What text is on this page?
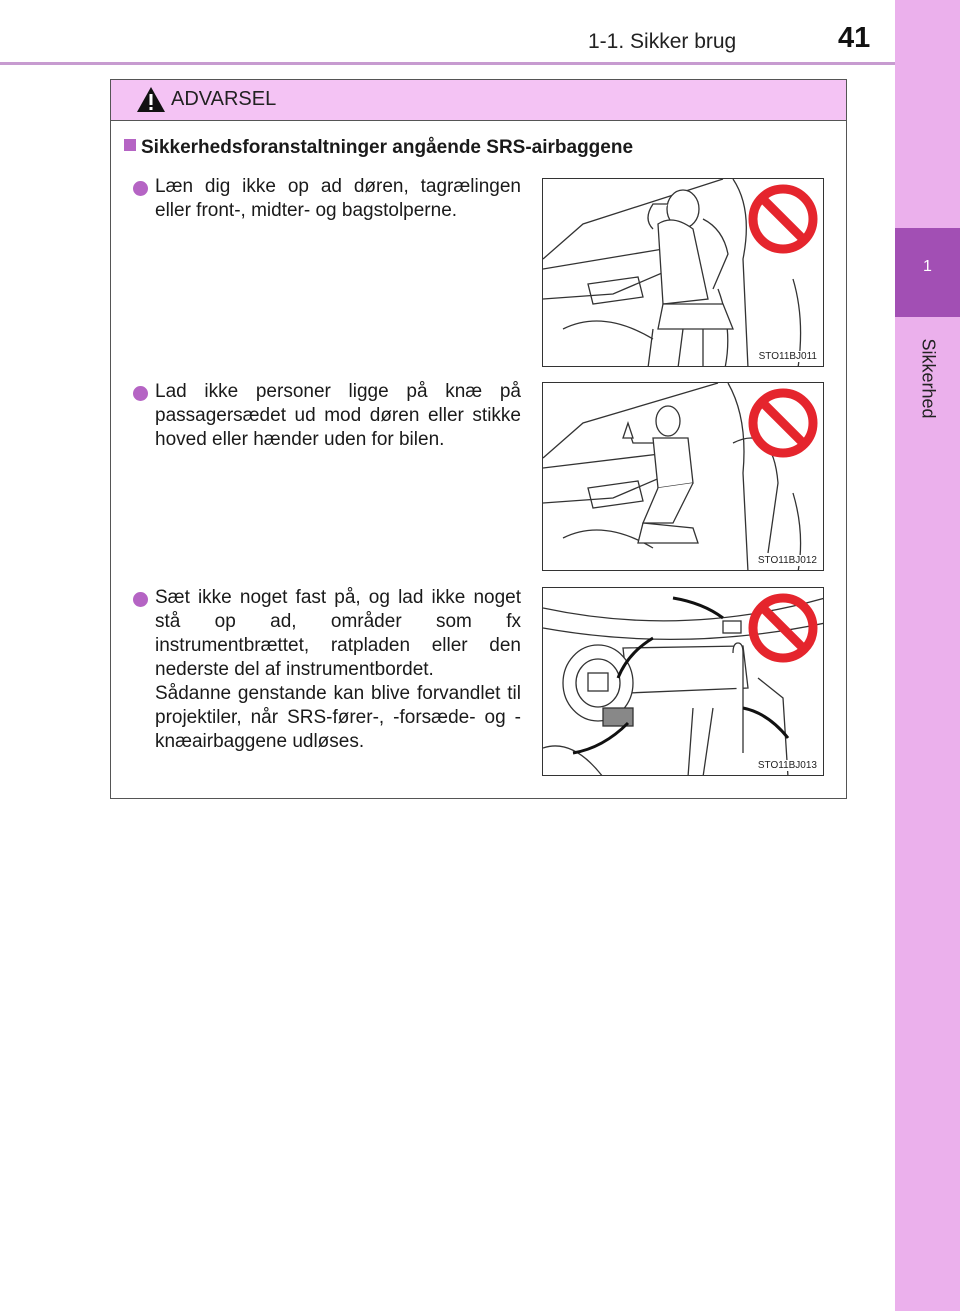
1-1. Sikker brug	41
1
Sikkerhed
ADVARSEL
Sikkerhedsforanstaltninger angående SRS-airbaggene
Læn dig ikke op ad døren, tagrælingen eller front-, midter- og bagstolperne.
STO11BJ011
Lad ikke personer ligge på knæ på passagersædet ud mod døren eller stikke hoved eller hænder uden for bilen.
STO11BJ012
Sæt ikke noget fast på, og lad ikke noget stå op ad, områder som fx instrumentbrættet, ratpladen eller den nederste del af instrumentbordet.
Sådanne genstande kan blive forvandlet til projektiler, når SRS-fører-, -forsæde- og -knæairbaggene udløses.
STO11BJ013
